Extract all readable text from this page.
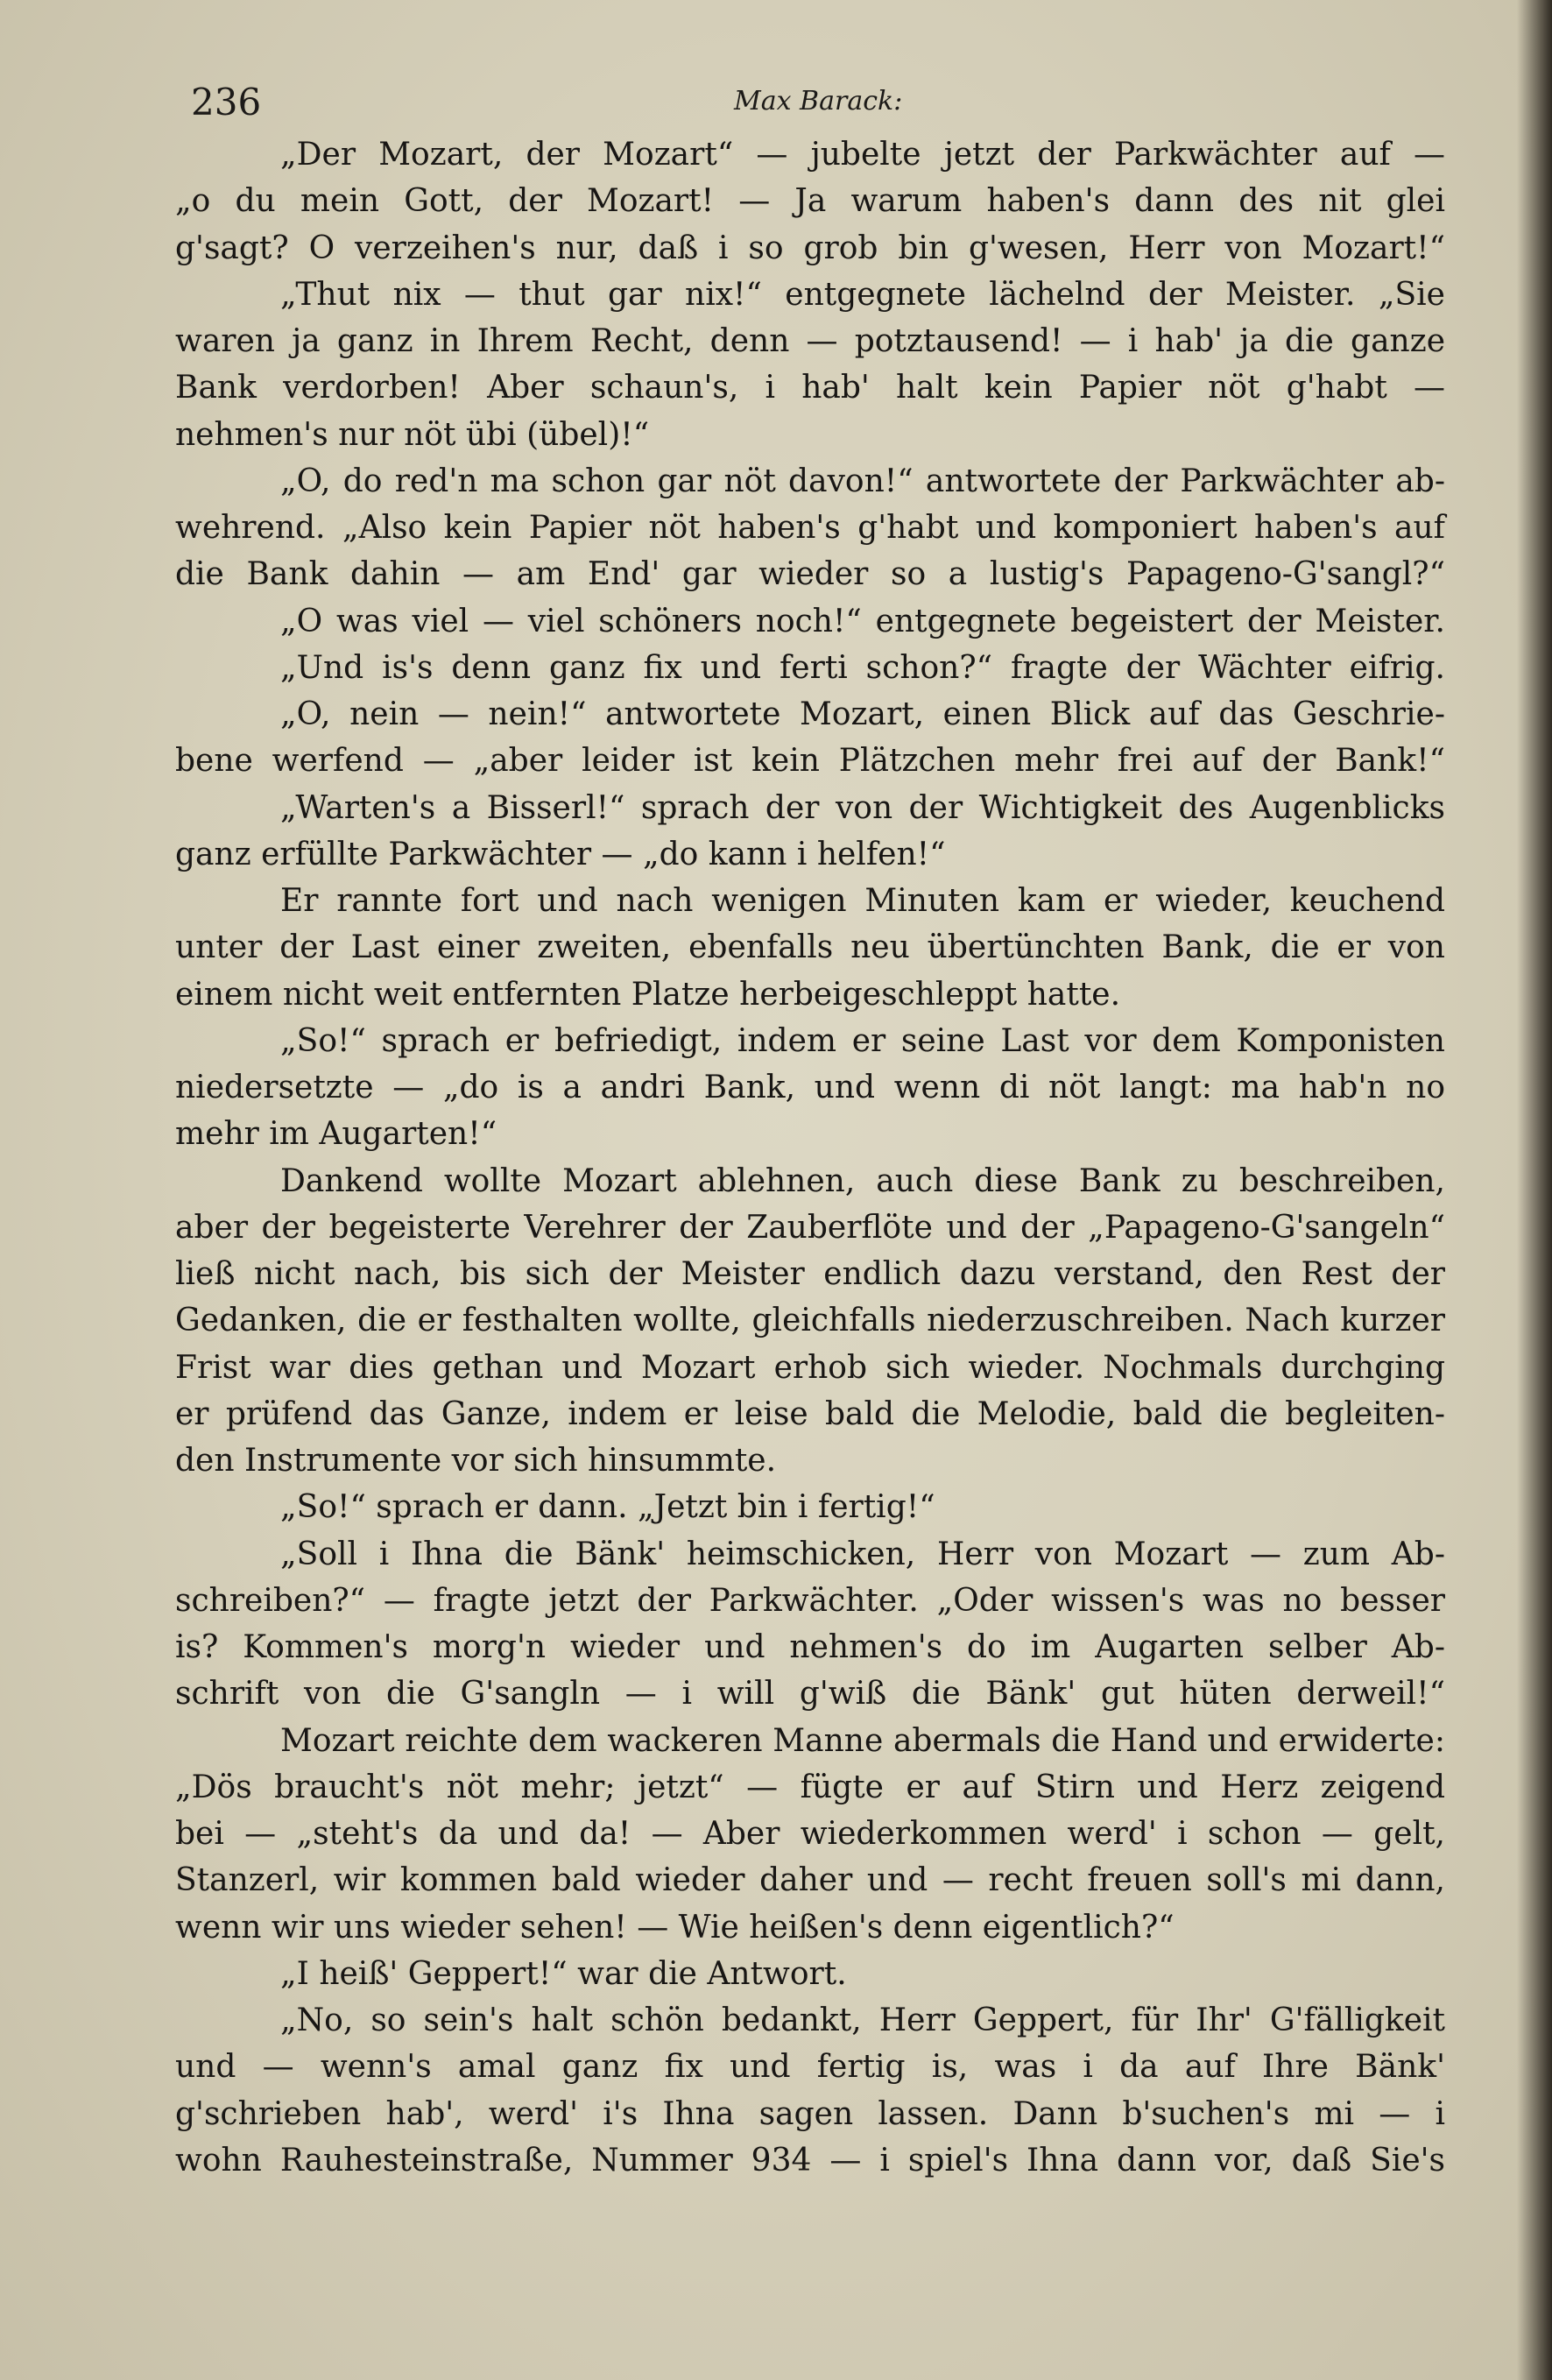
236	Max Barack:
„Der Mozart, der Mozart“ — jubelte jetzt der Parkwächter auf —
„o du mein Gott, der Mozart! — Ja warum haben's dann des nit glei
g'sagt? O verzeihen's nur, daß i so grob bin g'wesen, Herr von Mozart!“
„Thut nix — thut gar nix!“ entgegnete lächelnd der Meister. „Sie
waren ja ganz in Ihrem Recht, denn — potztausend! — i hab' ja die ganze
Bank verdorben! Aber schaun's, i hab' halt kein Papier nöt g'habt —
nehmen's nur nöt übi (übel)!“
„O, do red'n ma schon gar nöt davon!“ antwortete der Parkwächter ab-
wehrend. „Also kein Papier nöt haben's g'habt und komponiert haben's auf
die Bank dahin — am End' gar wieder so a lustig's Papageno-G'sangl?“
„O was viel — viel schöners noch!“ entgegnete begeistert der Meister.
„Und is's denn ganz fix und ferti schon?“ fragte der Wächter eifrig.
„O, nein — nein!“ antwortete Mozart, einen Blick auf das Geschrie-
bene werfend — „aber leider ist kein Plätzchen mehr frei auf der Bank!“
„Warten's a Bisserl!“ sprach der von der Wichtigkeit des Augenblicks
ganz erfüllte Parkwächter — „do kann i helfen!“
Er rannte fort und nach wenigen Minuten kam er wieder, keuchend
unter der Last einer zweiten, ebenfalls neu übertünchten Bank, die er von
einem nicht weit entfernten Platze herbeigeschleppt hatte.
„So!“ sprach er befriedigt, indem er seine Last vor dem Komponisten
niedersetzte — „do is a andri Bank, und wenn di nöt langt: ma hab'n no
mehr im Augarten!“
Dankend wollte Mozart ablehnen, auch diese Bank zu beschreiben,
aber der begeisterte Verehrer der Zauberflöte und der „Papageno-G'sangeln“
ließ nicht nach, bis sich der Meister endlich dazu verstand, den Rest der
Gedanken, die er festhalten wollte, gleichfalls niederzuschreiben. Nach kurzer
Frist war dies gethan und Mozart erhob sich wieder. Nochmals durchging
er prüfend das Ganze, indem er leise bald die Melodie, bald die begleiten-
den Instrumente vor sich hinsummte.
„So!“ sprach er dann. „Jetzt bin i fertig!“
„Soll i Ihna die Bänk' heimschicken, Herr von Mozart — zum Ab-
schreiben?“ — fragte jetzt der Parkwächter. „Oder wissen's was no besser
is? Kommen's morg'n wieder und nehmen's do im Augarten selber Ab-
schrift von die G'sangln — i will g'wiß die Bänk' gut hüten derweil!“
Mozart reichte dem wackeren Manne abermals die Hand und erwiderte:
„Dös braucht's nöt mehr; jetzt“ — fügte er auf Stirn und Herz zeigend
bei — „steht's da und da! — Aber wiederkommen werd' i schon — gelt,
Stanzerl, wir kommen bald wieder daher und — recht freuen soll's mi dann,
wenn wir uns wieder sehen! — Wie heißen's denn eigentlich?“
„I heiß' Geppert!“ war die Antwort.
„No, so sein's halt schön bedankt, Herr Geppert, für Ihr' G'fälligkeit
und — wenn's amal ganz fix und fertig is, was i da auf Ihre Bänk'
g'schrieben hab', werd' i's Ihna sagen lassen. Dann b'suchen's mi — i
wohn Rauhesteinstraße, Nummer 934 — i spiel's Ihna dann vor, daß Sie's
